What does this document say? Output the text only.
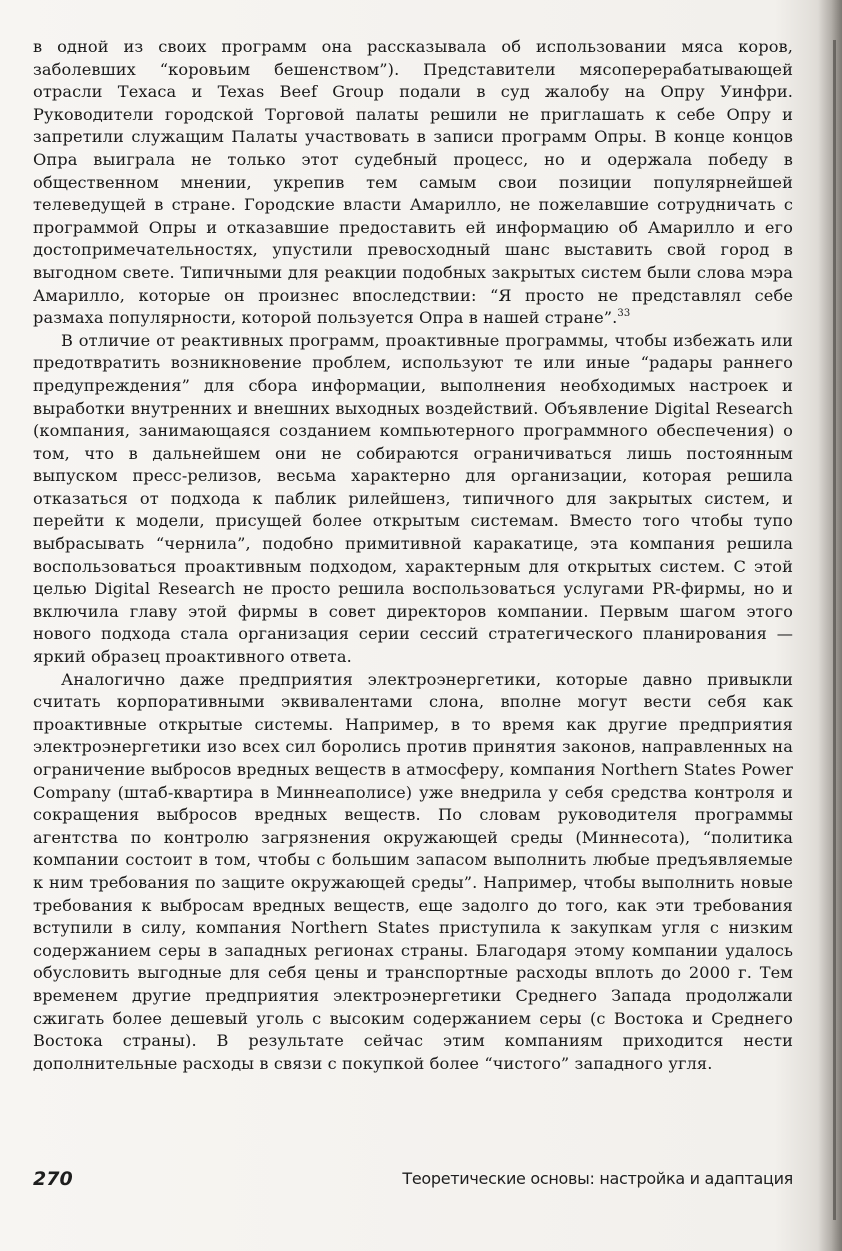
в одной из своих программ она рассказывала об использовании мяса коров, заболевших “коровьим бешенством”). Представители мясоперерабатывающей отрасли Техаса и Texas Beef Group подали в суд жалобу на Опру Уинфри. Руководители городской Торговой палаты решили не приглашать к себе Опру и запретили служащим Палаты участвовать в записи программ Опры. В конце концов Опра выиграла не только этот судебный процесс, но и одержала победу в общественном мнении, укрепив тем самым свои позиции популярнейшей телеведущей в стране. Городские власти Амарилло, не пожелавшие сотрудничать с программой Опры и отказавшие предоставить ей информацию об Амарилло и его достопримечательностях, упустили превосходный шанс выставить свой город в выгодном свете. Типичными для реакции подобных закрытых систем были слова мэра Амарилло, которые он произнес впоследствии: “Я просто не представлял себе размаха популярности, которой пользуется Опра в нашей стране”.$^{33}$

В отличие от реактивных программ, проактивные программы, чтобы избежать или предотвратить возникновение проблем, используют те или иные “радары раннего предупреждения” для сбора информации, выполнения необходимых настроек и выработки внутренних и внешних выходных воздействий. Объявление Digital Research (компания, занимающаяся созданием компьютерного программного обеспечения) о том, что в дальнейшем они не собираются ограничиваться лишь постоянным выпуском пресс-релизов, весьма характерно для организации, которая решила отказаться от подхода к паблик рилейшенз, типичного для закрытых систем, и перейти к модели, присущей более открытым системам. Вместо того чтобы тупо выбрасывать “чернила”, подобно примитивной каракатице, эта компания решила воспользоваться проактивным подходом, характерным для открытых систем. С этой целью Digital Research не просто решила воспользоваться услугами PR-фирмы, но и включила главу этой фирмы в совет директоров компании. Первым шагом этого нового подхода стала организация серии сессий стратегического планирования — яркий образец проактивного ответа.

Аналогично даже предприятия электроэнергетики, которые давно привыкли считать корпоративными эквивалентами слона, вполне могут вести себя как проактивные открытые системы. Например, в то время как другие предприятия электроэнергетики изо всех сил боролись против принятия законов, направленных на ограничение выбросов вредных веществ в атмосферу, компания Northern States Power Company (штаб-квартира в Миннеаполисе) уже внедрила у себя средства контроля и сокращения выбросов вредных веществ. По словам руководителя программы агентства по контролю загрязнения окружающей среды (Миннесота), “политика компании состоит в том, чтобы с большим запасом выполнить любые предъявляемые к ним требования по защите окружающей среды”. Например, чтобы выполнить новые требования к выбросам вредных веществ, еще задолго до того, как эти требования вступили в силу, компания Northern States приступила к закупкам угля с низким содержанием серы в западных регионах страны. Благодаря этому компании удалось обусловить выгодные для себя цены и транспортные расходы вплоть до 2000 г. Тем временем другие предприятия электроэнергетики Среднего Запада продолжали сжигать более дешевый уголь с высоким содержанием серы (с Востока и Среднего Востока страны). В результате сейчас этим компаниям приходится нести дополнительные расходы в связи с покупкой более “чистого” западного угля.

270	Теоретические основы: настройка и адаптация
